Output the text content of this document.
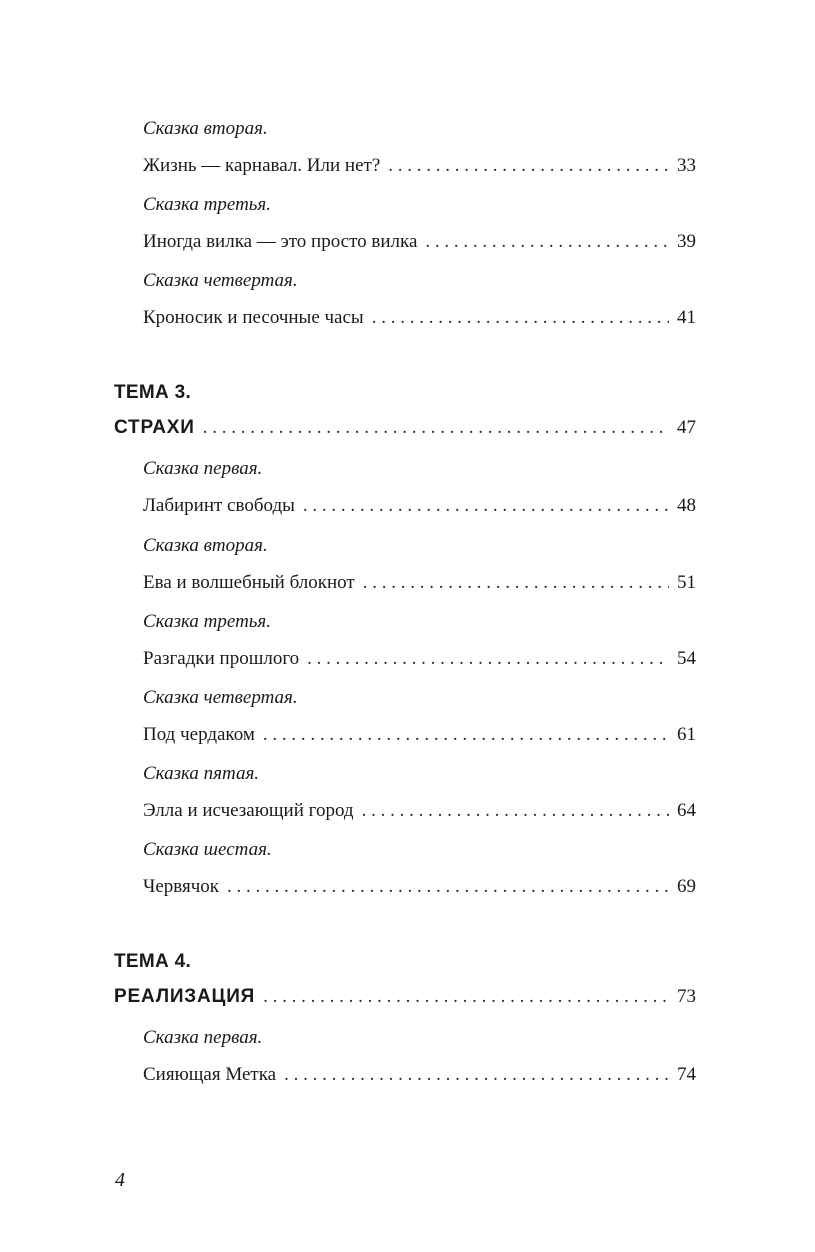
Сказка вторая.
Жизнь — карнавал. Или нет? . . .	33
Сказка третья.
Иногда вилка — это просто вилка . . .	39
Сказка четвертая.
Кроносик и песочные часы . . .	41
ТЕМА 3.
СТРАХИ . . .	47
Сказка первая.
Лабиринт свободы . . .	48
Сказка вторая.
Ева и волшебный блокнот . . .	51
Сказка третья.
Разгадки прошлого . . .	54
Сказка четвертая.
Под чердаком . . .	61
Сказка пятая.
Элла и исчезающий город . . .	64
Сказка шестая.
Червячок . . .	69
ТЕМА 4.
РЕАЛИЗАЦИЯ . . .	73
Сказка первая.
Сияющая Метка . . .	74
4
